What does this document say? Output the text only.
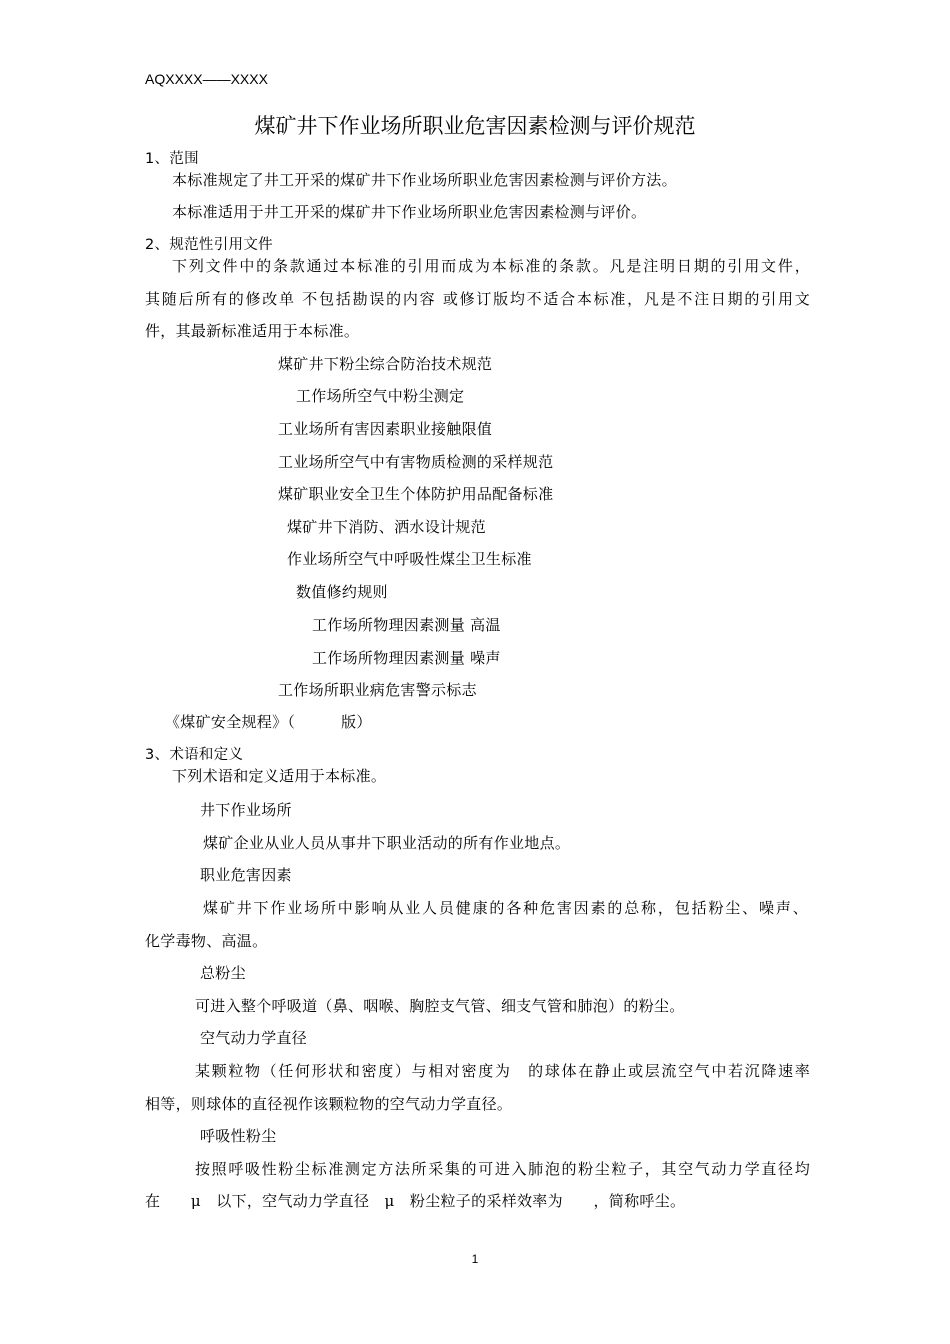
AQXXXX——XXXX
煤矿井下作业场所职业危害因素检测与评价规范
1、范围
本标准规定了井工开采的煤矿井下作业场所职业危害因素检测与评价方法。
本标准适用于井工开采的煤矿井下作业场所职业危害因素检测与评价。
2、规范性引用文件
下列文件中的条款通过本标准的引用而成为本标准的条款。凡是注明日期的引用文件，
其随后所有的修改单 不包括勘误的内容 或修订版均不适合本标准，凡是不注日期的引用文
件，其最新标准适用于本标准。
煤矿井下粉尘综合防治技术规范
工作场所空气中粉尘测定
工业场所有害因素职业接触限值
工业场所空气中有害物质检测的采样规范
煤矿职业安全卫生个体防护用品配备标准
煤矿井下消防、洒水设计规范
作业场所空气中呼吸性煤尘卫生标准
数值修约规则
工作场所物理因素测量 高温
工作场所物理因素测量 噪声
工作场所职业病危害警示标志
《煤矿安全规程》（　　　版）
3、术语和定义
下列术语和定义适用于本标准。
井下作业场所
煤矿企业从业人员从事井下职业活动的所有作业地点。
职业危害因素
煤矿井下作业场所中影响从业人员健康的各种危害因素的总称，包括粉尘、噪声、
化学毒物、高温。
总粉尘
可进入整个呼吸道（鼻、咽喉、胸腔支气管、细支气管和肺泡）的粉尘。
空气动力学直径
某颗粒物（任何形状和密度）与相对密度为　的球体在静止或层流空气中若沉降速率
相等，则球体的直径视作该颗粒物的空气动力学直径。
呼吸性粉尘
按照呼吸性粉尘标准测定方法所采集的可进入肺泡的粉尘粒子，其空气动力学直径均
在　　μ　以下，空气动力学直径　μ　粉尘粒子的采样效率为　　，简称呼尘。
1
